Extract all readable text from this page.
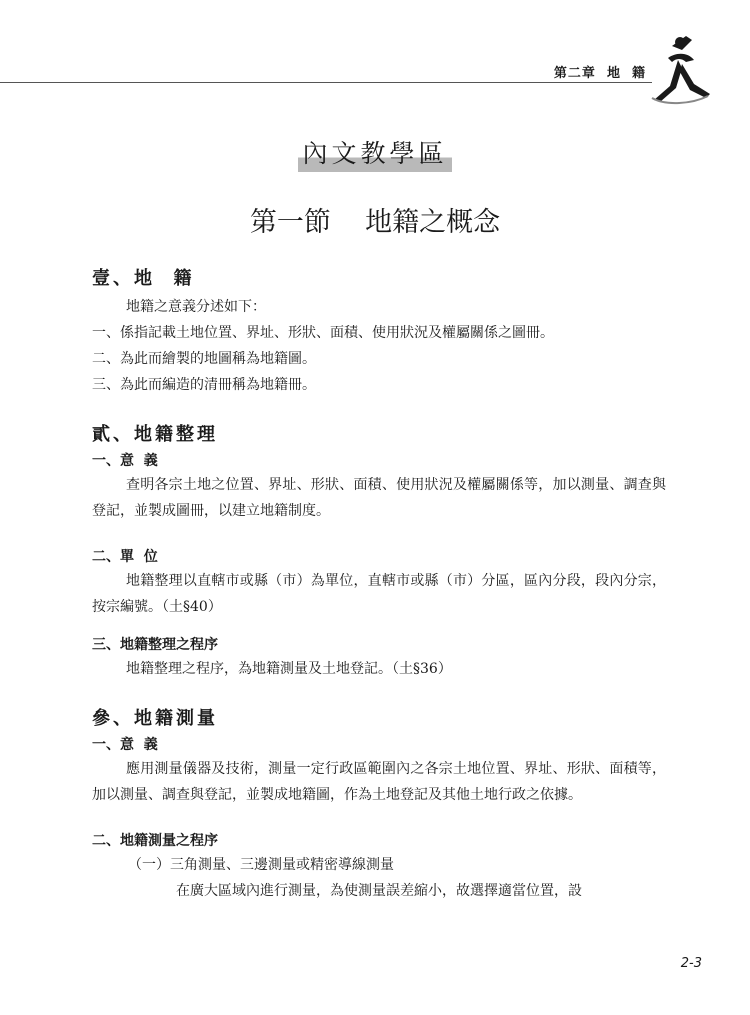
第二章  地  籍
內文教學區
第一節    地籍之概念
壹、地  籍
地籍之意義分述如下：
一、係指記載土地位置、界址、形狀、面積、使用狀況及權屬關係之圖冊。
二、為此而繪製的地圖稱為地籍圖。
三、為此而編造的清冊稱為地籍冊。
貳、地籍整理
一、意  義
查明各宗土地之位置、界址、形狀、面積、使用狀況及權屬關係等，加以測量、調查與登記，並製成圖冊，以建立地籍制度。
二、單  位
地籍整理以直轄市或縣（市）為單位，直轄市或縣（市）分區，區內分段，段內分宗，按宗編號。（土§40）
三、地籍整理之程序
地籍整理之程序，為地籍測量及土地登記。（土§36）
參、地籍測量
一、意  義
應用測量儀器及技術，測量一定行政區範圍內之各宗土地位置、界址、形狀、面積等，加以測量、調查與登記，並製成地籍圖，作為土地登記及其他土地行政之依據。
二、地籍測量之程序
（一）三角測量、三邊測量或精密導線測量
在廣大區域內進行測量，為使測量誤差縮小，故選擇適當位置，設
2-3
